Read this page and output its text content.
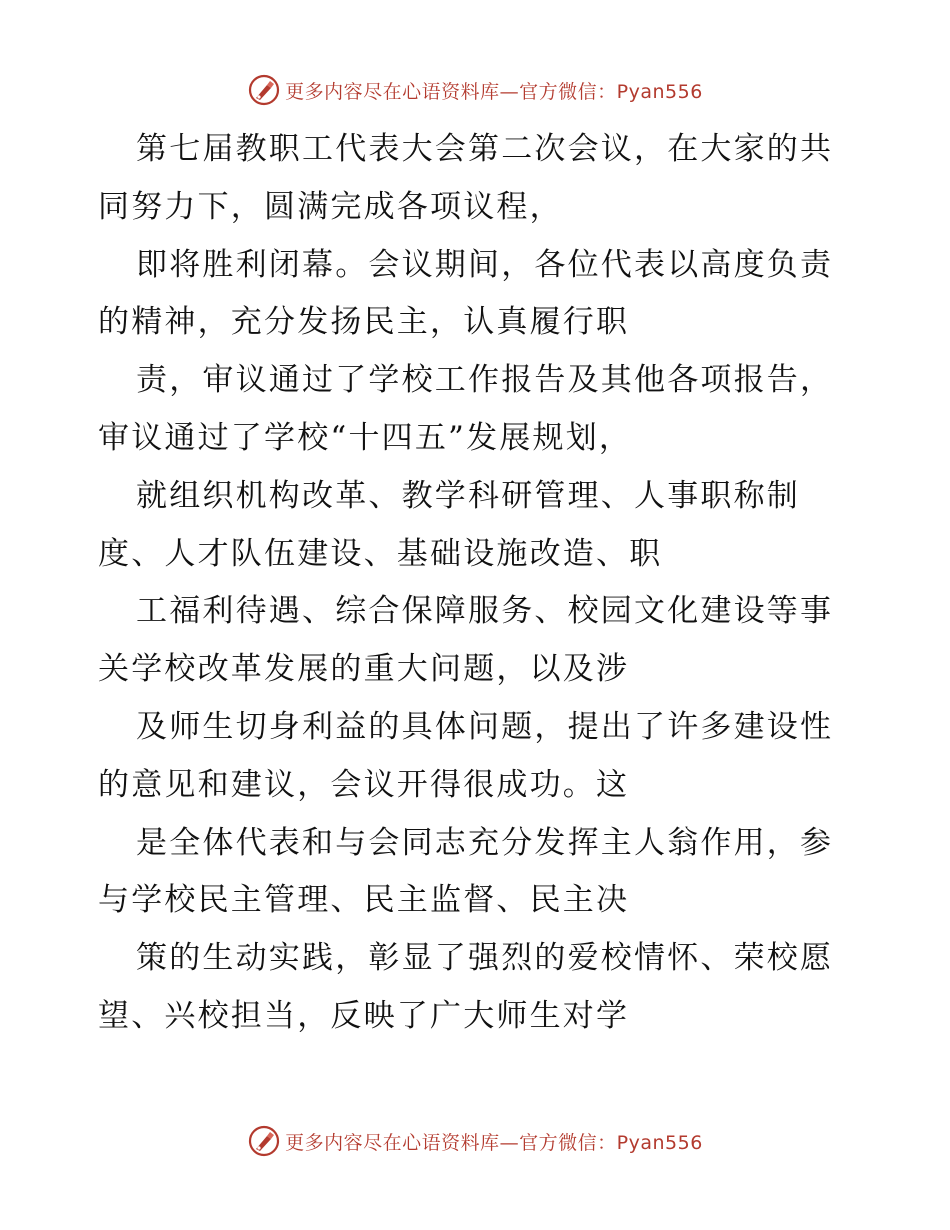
更多内容尽在心语资料库—官方微信：Pyan556
第七届教职工代表大会第二次会议，在大家的共
同努力下，圆满完成各项议程，
即将胜利闭幕。会议期间，各位代表以高度负责
的精神，充分发扬民主，认真履行职
责，审议通过了学校工作报告及其他各项报告，
审议通过了学校“十四五”发展规划，
就组织机构改革、教学科研管理、人事职称制
度、人才队伍建设、基础设施改造、职
工福利待遇、综合保障服务、校园文化建设等事
关学校改革发展的重大问题，以及涉
及师生切身利益的具体问题，提出了许多建设性
的意见和建议，会议开得很成功。这
是全体代表和与会同志充分发挥主人翁作用，参
与学校民主管理、民主监督、民主决
策的生动实践，彰显了强烈的爱校情怀、荣校愿
望、兴校担当，反映了广大师生对学
更多内容尽在心语资料库—官方微信：Pyan556
